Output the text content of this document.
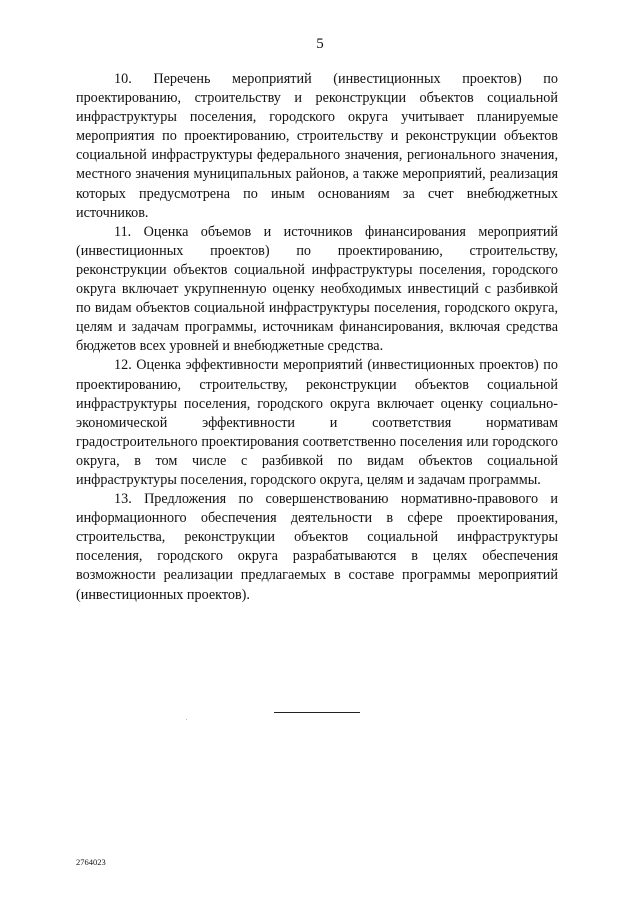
5

10. Перечень мероприятий (инвестиционных проектов) по проектированию, строительству и реконструкции объектов социальной инфраструктуры поселения, городского округа учитывает планируемые мероприятия по проектированию, строительству и реконструкции объектов социальной инфраструктуры федерального значения, регионального значения, местного значения муниципальных районов, а также мероприятий, реализация которых предусмотрена по иным основаниям за счет внебюджетных источников.

11. Оценка объемов и источников финансирования мероприятий (инвестиционных проектов) по проектированию, строительству, реконструкции объектов социальной инфраструктуры поселения, городского округа включает укрупненную оценку необходимых инвестиций с разбивкой по видам объектов социальной инфраструктуры поселения, городского округа, целям и задачам программы, источникам финансирования, включая средства бюджетов всех уровней и внебюджетные средства.

12. Оценка эффективности мероприятий (инвестиционных проектов) по проектированию, строительству, реконструкции объектов социальной инфраструктуры поселения, городского округа включает оценку социально-экономической эффективности и соответствия нормативам градостроительного проектирования соответственно поселения или городского округа, в том числе с разбивкой по видам объектов социальной инфраструктуры поселения, городского округа, целям и задачам программы.

13. Предложения по совершенствованию нормативно-правового и информационного обеспечения деятельности в сфере проектирования, строительства, реконструкции объектов социальной инфраструктуры поселения, городского округа разрабатываются в целях обеспечения возможности реализации предлагаемых в составе программы мероприятий (инвестиционных проектов).

2764023
